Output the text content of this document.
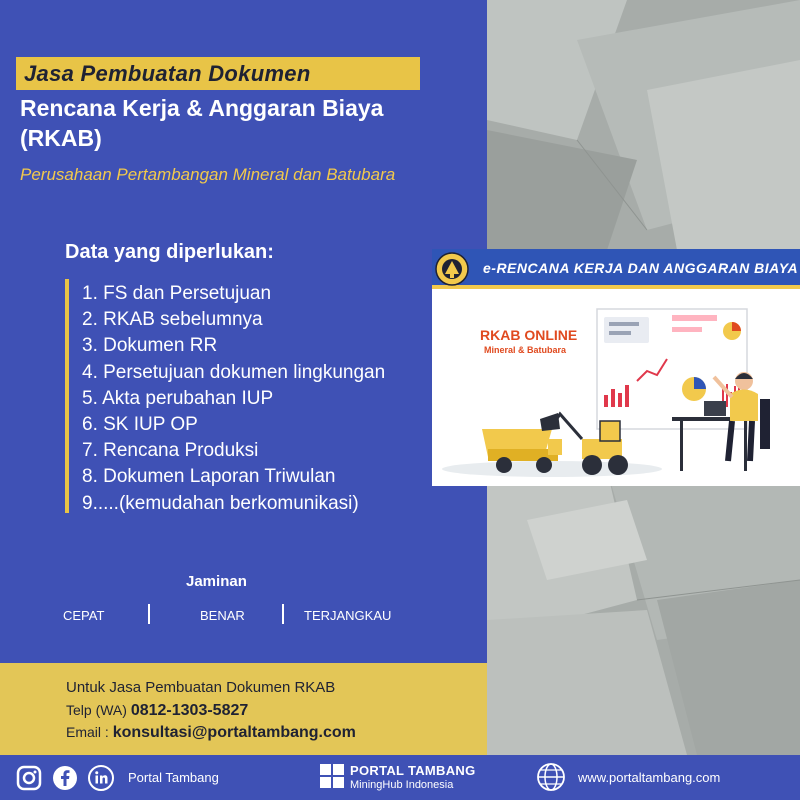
Jasa Pembuatan Dokumen
Rencana Kerja & Anggaran Biaya
(RKAB)
Perusahaan Pertambangan Mineral dan Batubara
Data yang diperlukan:
1. FS dan Persetujuan
2. RKAB sebelumnya
3. Dokumen RR
4. Persetujuan dokumen lingkungan
5. Akta perubahan IUP
6. SK IUP OP
7. Rencana Produksi
8. Dokumen Laporan Triwulan
9.....(kemudahan berkomunikasi)
Jaminan
CEPAT	BENAR	TERJANGKAU
e-RENCANA KERJA DAN ANGGARAN BIAYA
RKAB ONLINE
Mineral & Batubara
Untuk Jasa Pembuatan Dokumen RKAB
Telp (WA) 0812-1303-5827
Email : konsultasi@portaltambang.com
Portal Tambang	PORTAL TAMBANG
MiningHub Indonesia	www.portaltambang.com
